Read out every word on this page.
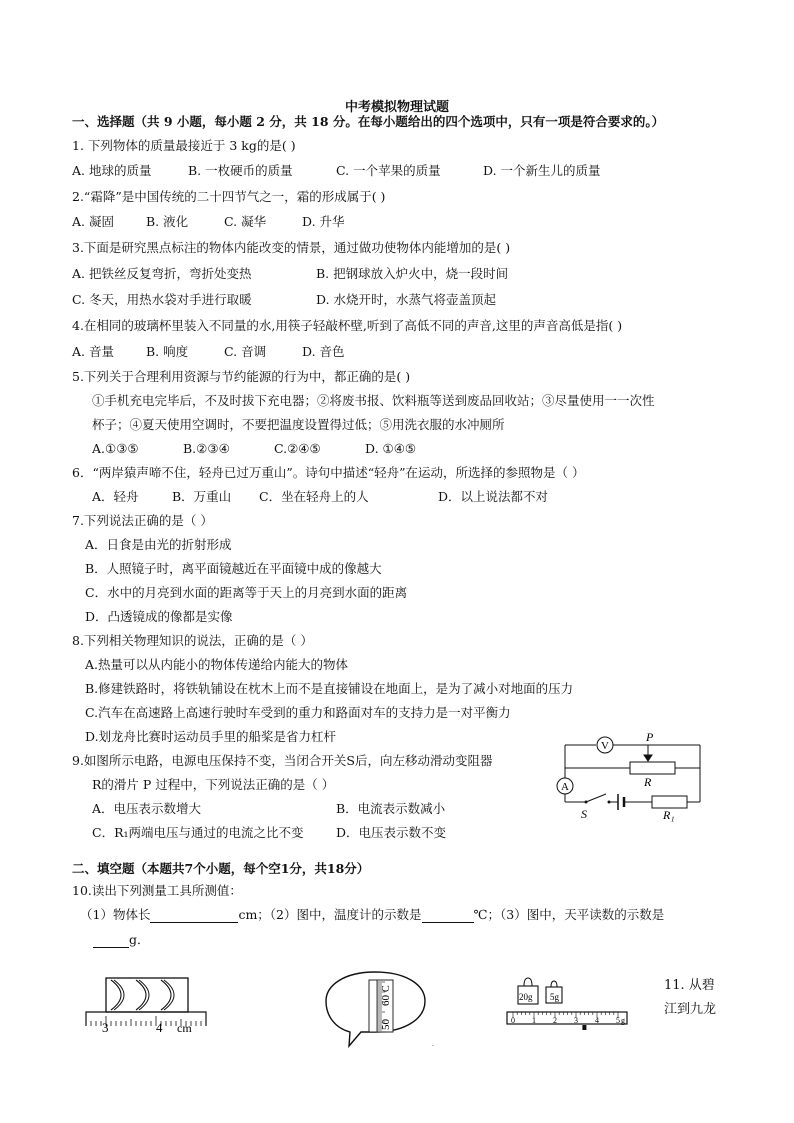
中考模拟物理试题
一、选择题（共 9 小题，每小题 2 分，共 18 分。在每小题给出的四个选项中，只有一项是符合要求的。）
1. 下列物体的质量最接近于 3 kg的是( )
A. 地球的质量	B. 一枚硬币的质量	C. 一个苹果的质量	D. 一个新生儿的质量
2.“霜降”是中国传统的二十四节气之一，霜的形成属于( )
A. 凝固	B. 液化	C. 凝华	D. 升华
3.下面是研究黑点标注的物体内能改变的情景，通过做功使物体内能增加的是( )
A. 把铁丝反复弯折，弯折处变热	B. 把钢球放入炉火中，烧一段时间
C. 冬天，用热水袋对手进行取暖	D. 水烧开时，水蒸气将壶盖顶起
4.在相同的玻璃杯里装入不同量的水,用筷子轻敲杯壁,听到了高低不同的声音,这里的声音高低是指( )
A. 音量	B. 响度	C. 音调	D. 音色
5.下列关于合理利用资源与节约能源的行为中，都正确的是( )
①手机充电完毕后，不及时拔下充电器；②将废书报、饮料瓶等送到废品回收站；③尽量使用一一次性
杯子；④夏天使用空调时，不要把温度设置得过低；⑤用洗衣服的水冲厕所
A.①③⑤	B.②③④	C.②④⑤	D. ①④⑤
6．“两岸猿声啼不住，轻舟已过万重山”。诗句中描述“轻舟”在运动，所选择的参照物是（ ）
A．轻舟	B．万重山 C．坐在轻舟上的人	D．以上说法都不对
7.下列说法正确的是（ ）
A．日食是由光的折射形成
B．人照镜子时，离平面镜越近在平面镜中成的像越大
C．水中的月亮到水面的距离等于天上的月亮到水面的距离
D．凸透镜成的像都是实像
8.下列相关物理知识的说法，正确的是（ ）
A.热量可以从内能小的物体传递给内能大的物体
B.修建铁路时，将铁轨铺设在枕木上而不是直接铺设在地面上，是为了减小对地面的压力
C.汽车在高速路上高速行驶时车受到的重力和路面对车的支持力是一对平衡力
D.划龙舟比赛时运动员手里的船桨是省力杠杆
9.如图所示电路，电源电压保持不变，当闭合开关S后，向左移动滑动变阻器
R的滑片 P 过程中，下列说法正确的是（ ）
A．电压表示数增大	B．电流表示数减小
C．R₁两端电压与通过的电流之比不变	D．电压表示数不变
V
A
P
R
S	R₁
二、填空题（本题共7个小题，每个空1分，共18分）
10.读出下列测量工具所测值：
（1）物体长	cm；（2）图中，温度计的示数是	℃；（3）图中，天平读数的示数是
g．
3	4 cm
60
C
50
·
20g 5g
0 1 2 3 4 5 g
11. 从碧
江到九龙
